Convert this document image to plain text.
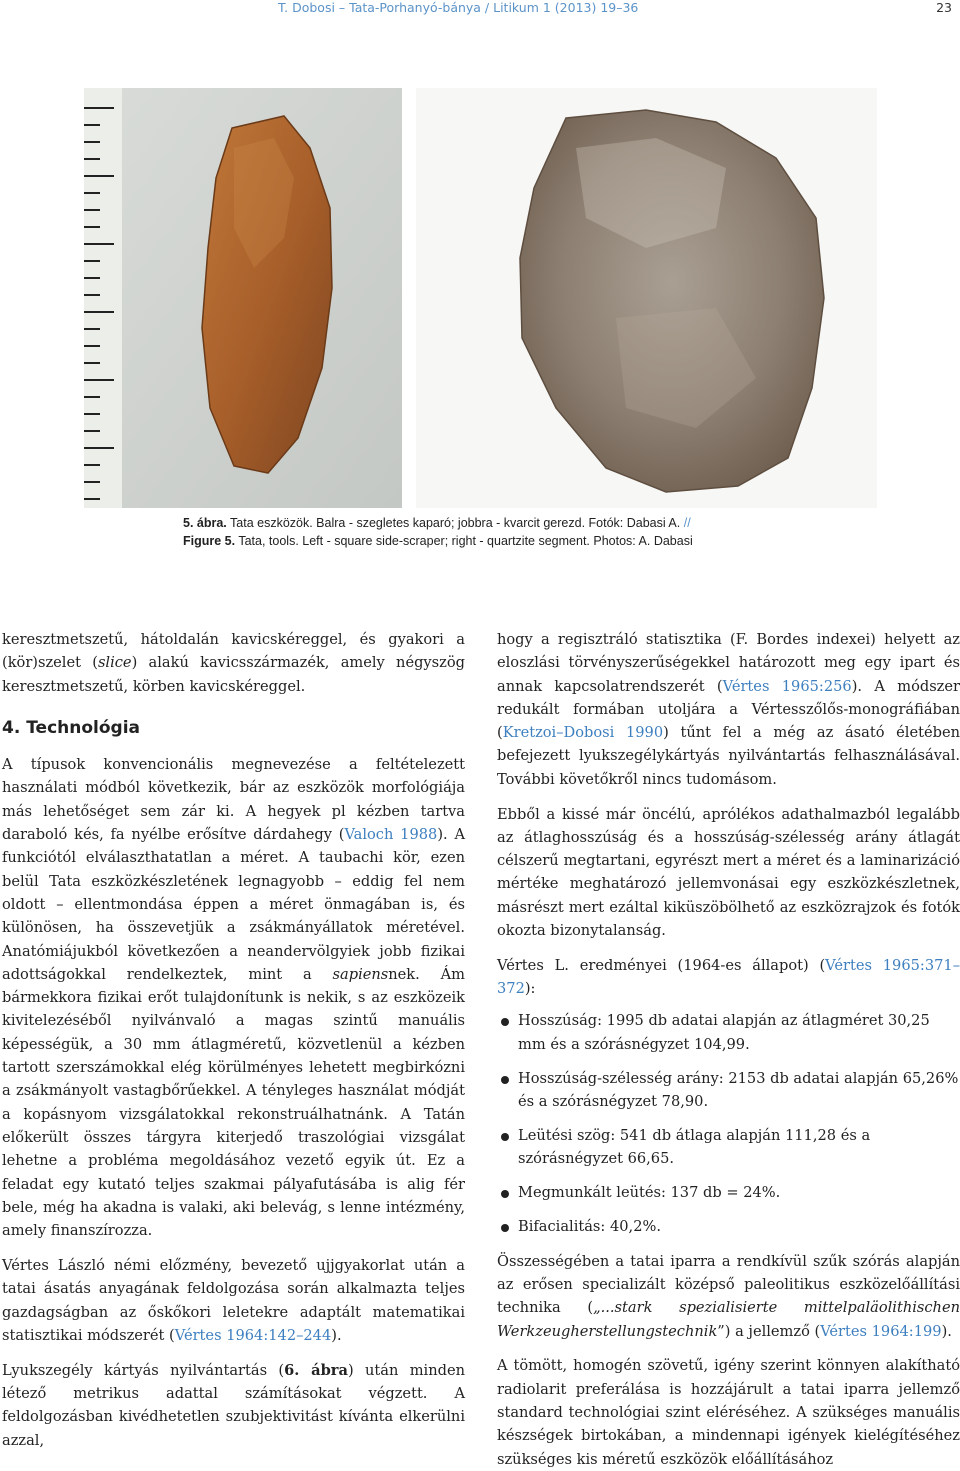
T. Dobosi – Tata-Porhanyó-bánya / Litikum 1 (2013) 19–36	23
5. ábra. Tata eszközök. Balra - szegletes kaparó; jobbra - kvarcit gerezd. Fotók: Dabasi A. //
Figure 5. Tata, tools. Left - square side-scraper; right - quartzite segment. Photos: A. Dabasi

keresztmetszetű, hátoldalán kavicskéreggel, és gyakori a (kör)szelet (slice) alakú kavicsszármazék, amely négyszög keresztmetszetű, körben kavicskéreggel.

4. Technológia

A típusok konvencionális megnevezése a feltételezett használati módból következik, bár az eszközök morfológiája más lehetőséget sem zár ki. A hegyek pl kézben tartva daraboló kés, fa nyélbe erősítve dárdahegy (Valoch 1988). A funkciótól elválaszthatatlan a méret. A taubachi kör, ezen belül Tata eszközkészletének legnagyobb – eddig fel nem oldott – ellentmondása éppen a méret önmagában is, és különösen, ha összevetjük a zsákmányállatok méretével. Anatómiájukból következően a neandervölgyiek jobb fizikai adottságokkal rendelkeztek, mint a sapiensnek. Ám bármekkora fizikai erőt tulajdonítunk is nekik, s az eszközeik kivitelezéséből nyilvánvaló a magas szintű manuális képességük, a 30 mm átlagméretű, közvetlenül a kézben tartott szerszámokkal elég körülményes lehetett megbirkózni a zsákmányolt vastagbőrűekkel. A tényleges használat módját a kopásnyom vizsgálatokkal rekonstruálhatnánk. A Tatán előkerült összes tárgyra kiterjedő traszológiai vizsgálat lehetne a probléma megoldásához vezető egyik út. Ez a feladat egy kutató teljes szakmai pályafutásába is alig fér bele, még ha akadna is valaki, aki belevág, s lenne intézmény, amely finanszírozza.

Vértes László némi előzmény, bevezető ujjgyakorlat után a tatai ásatás anyagának feldolgozása során alkalmazta teljes gazdagságban az őskőkori leletekre adaptált matematikai statisztikai módszerét (Vértes 1964:142–244).

Lyukszegély kártyás nyilvántartás (6. ábra) után minden létező metrikus adattal számításokat végzett. A feldolgozásban kivédhetetlen szubjektivitást kívánta elkerülni azzal,

hogy a regisztráló statisztika (F. Bordes indexei) helyett az eloszlási törvényszerűségekkel határozott meg egy ipart és annak kapcsolatrendszerét (Vértes 1965:256). A módszer redukált formában utoljára a Vértesszőlős-monográfiában (Kretzoi–Dobosi 1990) tűnt fel a még az ásató életében befejezett lyukszegélykártyás nyilvántartás felhasználásával. További követőkről nincs tudomásom.

Ebből a kissé már öncélú, aprólékos adathalmazból legalább az átlaghosszúság és a hosszúság-szélesség arány átlagát célszerű megtartani, egyrészt mert a méret és a laminarizáció mértéke meghatározó jellemvonásai egy eszközkészletnek, másrészt mert ezáltal kiküszöbölhető az eszközrajzok és fotók okozta bizonytalanság.

Vértes L. eredményei (1964-es állapot) (Vértes 1965:371–372):

Hosszúság: 1995 db adatai alapján az átlagméret 30,25 mm és a szórásnégyzet 104,99.
Hosszúság-szélesség arány: 2153 db adatai alapján 65,26% és a szórásnégyzet 78,90.
Leütési szög: 541 db átlaga alapján 111,28 és a szórásnégyzet 66,65.
Megmunkált leütés: 137 db = 24%.
Bifacialitás: 40,2%.

Összességében a tatai iparra a rendkívül szűk szórás alapján az erősen specializált középső paleolitikus eszközelőállítási technika („...stark spezialisierte mittelpaläolithischen Werkzeugherstellungstechnik”) a jellemző (Vértes 1964:199).

A tömött, homogén szövetű, igény szerint könnyen alakítható radiolarit preferálása is hozzájárult a tatai iparra jellemző standard technológiai szint eléréséhez. A szükséges manuális készségek birtokában, a mindennapi igények kielégítéséhez szükséges kis méretű eszközök előállításához
